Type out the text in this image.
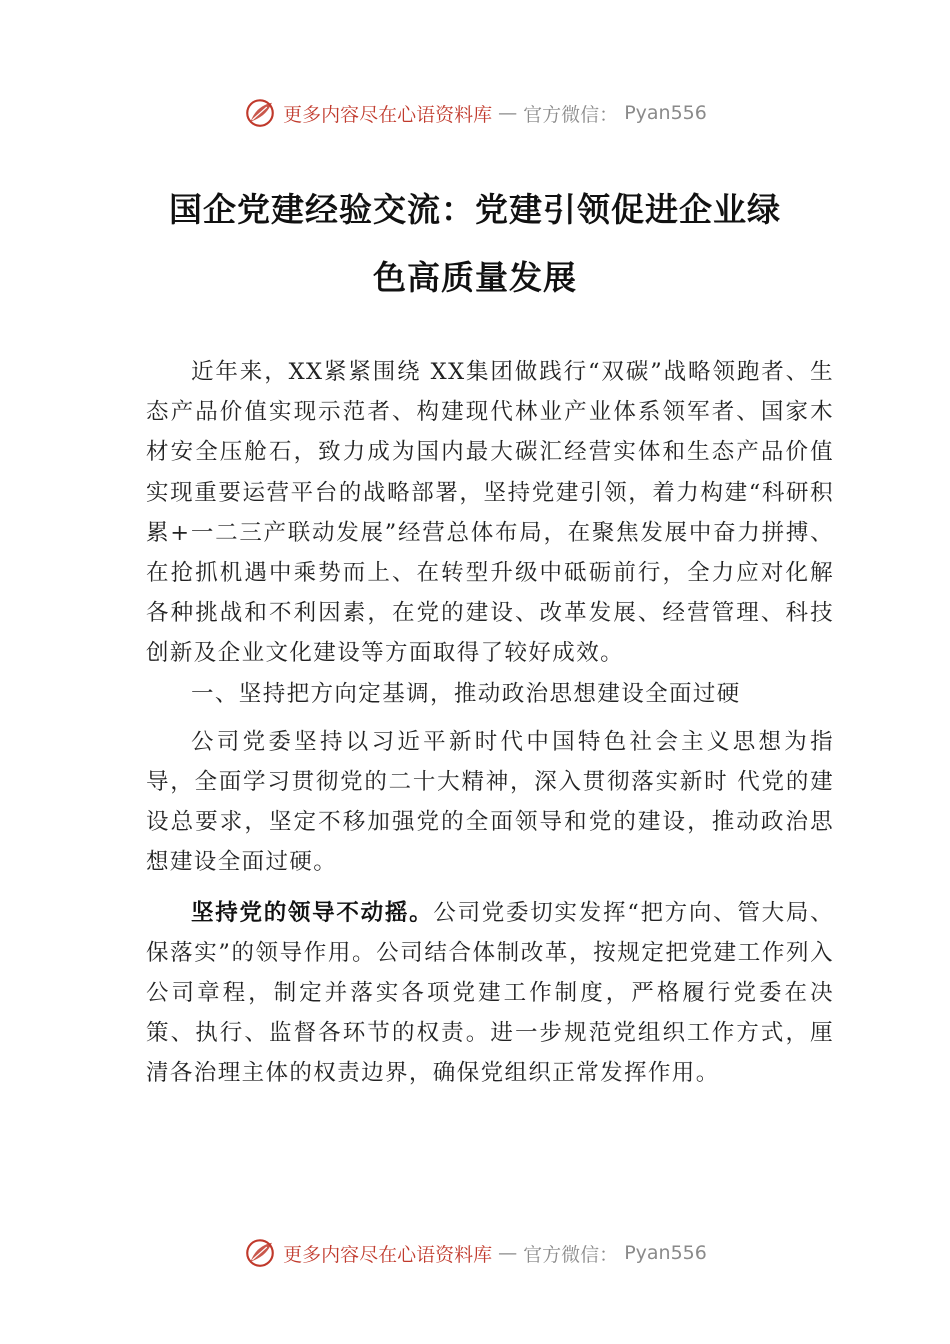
更多内容尽在心语资料库 — 官方微信： Pyan556
国企党建经验交流：党建引领促进企业绿
色高质量发展

近年来，XX紧紧围绕 XX集团做践行“双碳”战略领跑者、生态产品价值实现示范者、构建现代林业产业体系领军者、国家木材安全压舱石，致力成为国内最大碳汇经营实体和生态产品价值实现重要运营平台的战略部署，坚持党建引领，着力构建“科研积累+一二三产联动发展”经营总体布局，在聚焦发展中奋力拼搏、在抢抓机遇中乘势而上、在转型升级中砥砺前行，全力应对化解各种挑战和不利因素，在党的建设、改革发展、经营管理、科技创新及企业文化建设等方面取得了较好成效。

一、坚持把方向定基调，推动政治思想建设全面过硬

公司党委坚持以习近平新时代中国特色社会主义思想为指导，全面学习贯彻党的二十大精神，深入贯彻落实新时 代党的建设总要求，坚定不移加强党的全面领导和党的建设，推动政治思想建设全面过硬。

坚持党的领导不动摇。公司党委切实发挥“把方向、管大局、保落实”的领导作用。公司结合体制改革，按规定把党建工作列入公司章程，制定并落实各项党建工作制度，严格履行党委在决策、执行、监督各环节的权责。进一步规范党组织工作方式，厘清各治理主体的权责边界，确保党组织正常发挥作用。

更多内容尽在心语资料库 — 官方微信： Pyan556
